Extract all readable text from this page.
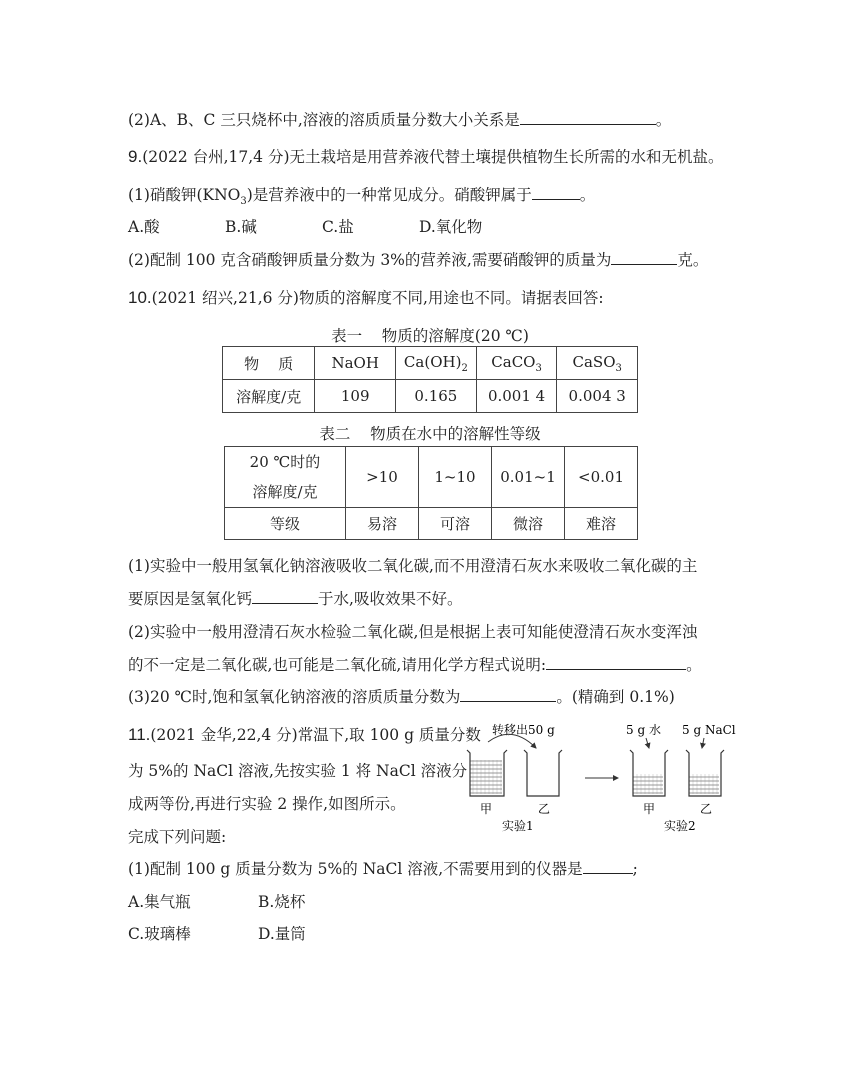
(2)A、B、C 三只烧杯中,溶液的溶质质量分数大小关系是	。
9.(2022 台州,17,4 分)无土栽培是用营养液代替土壤提供植物生长所需的水和无机盐。
(1)硝酸钾$(KNO_3)$是营养液中的一种常见成分。硝酸钾属于	。
A.酸	B.碱	C.盐	D.氧化物
(2)配制 100 克含硝酸钾质量分数为 3%的营养液,需要硝酸钾的质量为	克。
10.(2021 绍兴,21,6 分)物质的溶解度不同,用途也不同。请据表回答:
表一    物质的溶解度(20 ℃)
物    质	NaOH	$Ca(OH)_2$	CaCO$_3$	CaSO$_3$
溶解度/克	109	0.165	0.001 4	0.004 3
表二    物质在水中的溶解性等级
20 ℃时的
溶解度/克	>10	1~10	0.01~1	<0.01
等级	易溶	可溶	微溶	难溶
(1)实验中一般用氢氧化钠溶液吸收二氧化碳,而不用澄清石灰水来吸收二氧化碳的主
要原因是氢氧化钙	于水,吸收效果不好。
(2)实验中一般用澄清石灰水检验二氧化碳,但是根据上表可知能使澄清石灰水变浑浊
的不一定是二氧化碳,也可能是二氧化硫,请用化学方程式说明:	。
(3)20 ℃时,饱和氢氧化钠溶液的溶质质量分数为	。(精确到 0.1%)
11.(2021 金华,22,4 分)常温下,取 100 g 质量分数
为 5%的 NaCl 溶液,先按实验 1 将 NaCl 溶液分
成两等份,再进行实验 2 操作,如图所示。
完成下列问题:
(1)配制 100 g 质量分数为 5%的 NaCl 溶液,不需要用到的仪器是	;
A.集气瓶	B.烧杯
C.玻璃棒	D.量筒
转移出50 g
甲	乙
实验1
5 g 水 5 g NaCl
甲	乙
实验2
